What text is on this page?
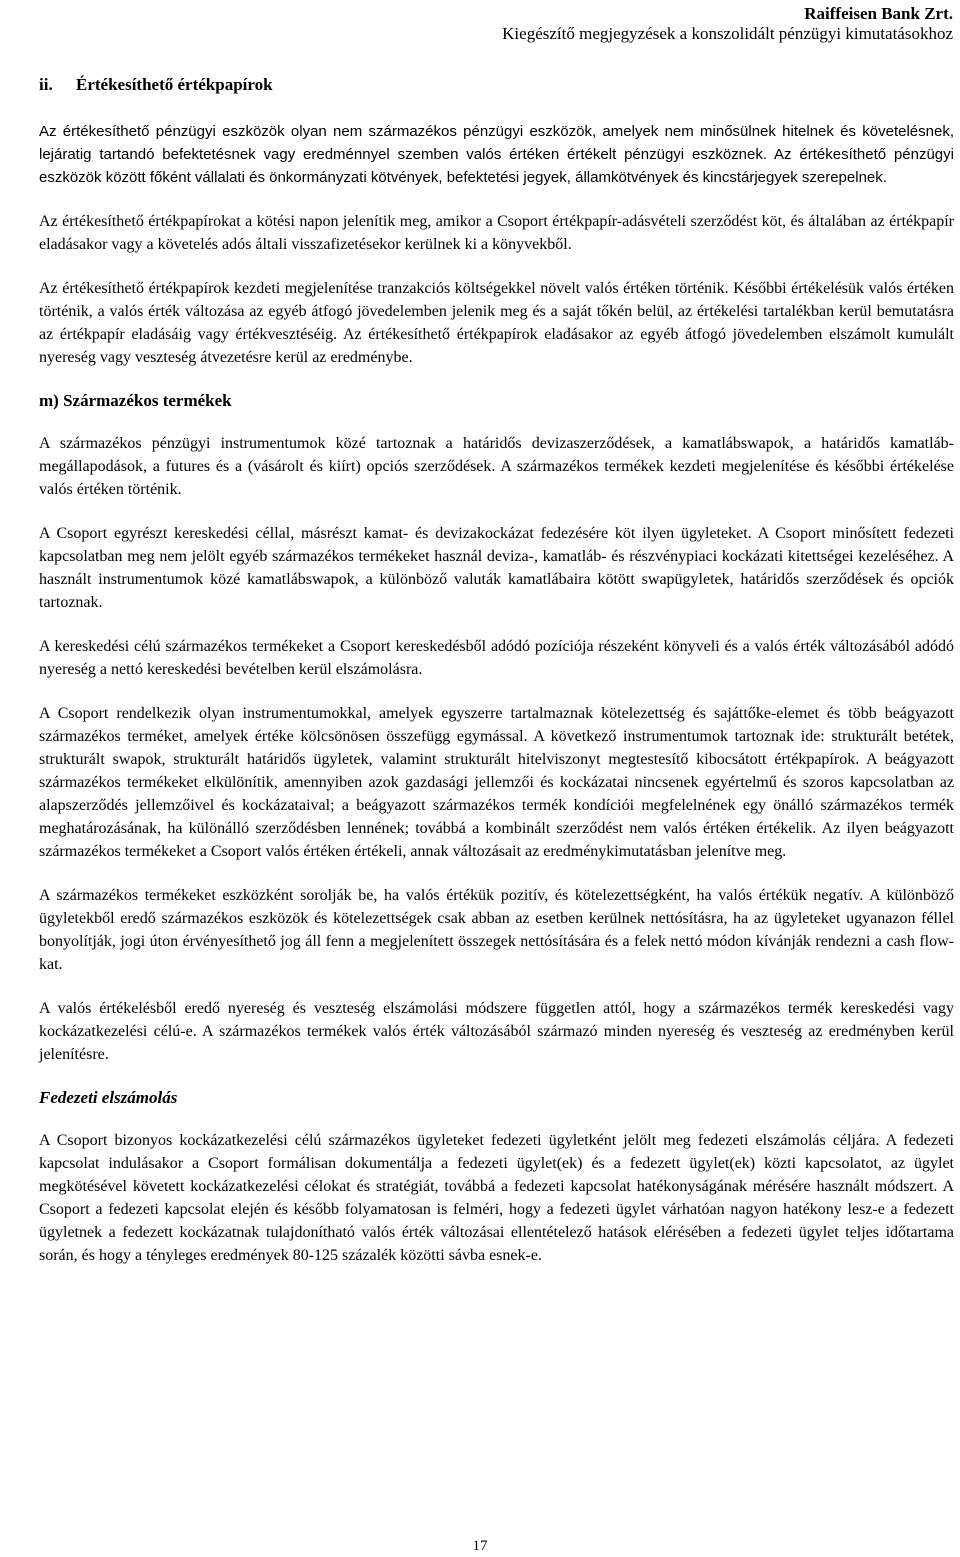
Raiffeisen Bank Zrt.
Kiegészítő megjegyzések a konszolidált pénzügyi kimutatásokhoz
ii. Értékesíthető értékpapírok

Az értékesíthető pénzügyi eszközök olyan nem származékos pénzügyi eszközök, amelyek nem minősülnek hitelnek és követelésnek, lejáratig tartandó befektetésnek vagy eredménnyel szemben valós értéken értékelt pénzügyi eszköznek. Az értékesíthető pénzügyi eszközök között főként vállalati és önkormányzati kötvények, befektetési jegyek, államkötvények és kincstárjegyek szerepelnek.

Az értékesíthető értékpapírokat a kötési napon jelenítik meg, amikor a Csoport értékpapír-adásvételi szerződést köt, és általában az értékpapír eladásakor vagy a követelés adós általi visszafizetésekor kerülnek ki a könyvekből.

Az értékesíthető értékpapírok kezdeti megjelenítése tranzakciós költségekkel növelt valós értéken történik. Későbbi értékelésük valós értéken történik, a valós érték változása az egyéb átfogó jövedelemben jelenik meg és a saját tőkén belül, az értékelési tartalékban kerül bemutatásra az értékpapír eladásáig vagy értékvesztéséig. Az értékesíthető értékpapírok eladásakor az egyéb átfogó jövedelemben elszámolt kumulált nyereség vagy veszteség átvezetésre kerül az eredménybe.

m) Származékos termékek

A származékos pénzügyi instrumentumok közé tartoznak a határidős devizaszerződések, a kamatlábswapok, a határidős kamatláb-megállapodások, a futures és a (vásárolt és kiírt) opciós szerződések. A származékos termékek kezdeti megjelenítése és későbbi értékelése valós értéken történik.

A Csoport egyrészt kereskedési céllal, másrészt kamat- és devizakockázat fedezésére köt ilyen ügyleteket. A Csoport minősített fedezeti kapcsolatban meg nem jelölt egyéb származékos termékeket használ deviza-, kamatláb- és részvénypiaci kockázati kitettségei kezeléséhez. A használt instrumentumok közé kamatlábswapok, a különböző valuták kamatlábaira kötött swapügyletek, határidős szerződések és opciók tartoznak.

A kereskedési célú származékos termékeket a Csoport kereskedésből adódó pozíciója részeként könyveli és a valós érték változásából adódó nyereség a nettó kereskedési bevételben kerül elszámolásra.

A Csoport rendelkezik olyan instrumentumokkal, amelyek egyszerre tartalmaznak kötelezettség és sajáttőke-elemet és több beágyazott származékos terméket, amelyek értéke kölcsönösen összefügg egymással. A következő instrumentumok tartoznak ide: strukturált betétek, strukturált swapok, strukturált határidős ügyletek, valamint strukturált hitelviszonyt megtestesítő kibocsátott értékpapírok. A beágyazott származékos termékeket elkülönítik, amennyiben azok gazdasági jellemzői és kockázatai nincsenek egyértelmű és szoros kapcsolatban az alapszerződés jellemzőivel és kockázataival; a beágyazott származékos termék kondíciói megfelelnének egy önálló származékos termék meghatározásának, ha különálló szerződésben lennének; továbbá a kombinált szerződést nem valós értéken értékelik. Az ilyen beágyazott származékos termékeket a Csoport valós értéken értékeli, annak változásait az eredménykimutatásban jelenítve meg.

A származékos termékeket eszközként sorolják be, ha valós értékük pozitív, és kötelezettségként, ha valós értékük negatív. A különböző ügyletekből eredő származékos eszközök és kötelezettségek csak abban az esetben kerülnek nettósításra, ha az ügyleteket ugyanazon féllel bonyolítják, jogi úton érvényesíthető jog áll fenn a megjelenített összegek nettósítására és a felek nettó módon kívánják rendezni a cash flow-kat.

A valós értékelésből eredő nyereség és veszteség elszámolási módszere független attól, hogy a származékos termék kereskedési vagy kockázatkezelési célú-e. A származékos termékek valós érték változásából származó minden nyereség és veszteség az eredményben kerül jelenítésre.

Fedezeti elszámolás

A Csoport bizonyos kockázatkezelési célú származékos ügyleteket fedezeti ügyletként jelölt meg fedezeti elszámolás céljára. A fedezeti kapcsolat indulásakor a Csoport formálisan dokumentálja a fedezeti ügylet(ek) és a fedezett ügylet(ek) közti kapcsolatot, az ügylet megkötésével követett kockázatkezelési célokat és stratégiát, továbbá a fedezeti kapcsolat hatékonyságának mérésére használt módszert. A Csoport a fedezeti kapcsolat elején és később folyamatosan is felméri, hogy a fedezeti ügylet várhatóan nagyon hatékony lesz-e a fedezett ügyletnek a fedezett kockázatnak tulajdonítható valós érték változásai ellentételező hatások elérésében a fedezeti ügylet teljes időtartama során, és hogy a tényleges eredmények 80-125 százalék közötti sávba esnek-e.

17
